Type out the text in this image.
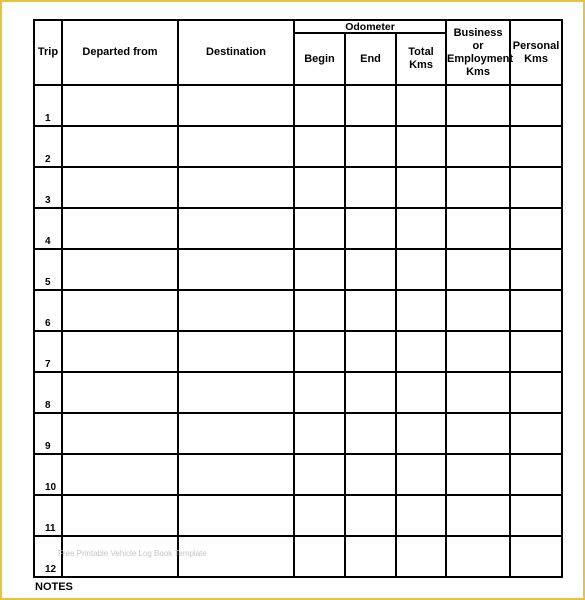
Trip	Departed from	Destination	Odometer			Business or Employment Kms	Personal Kms
			Begin	End	Total Kms		
1							
2							
3							
4							
5							
6							
7							
8							
9							
10							
11							
12							
Free Printable Vehicle Log Book Template
NOTES
